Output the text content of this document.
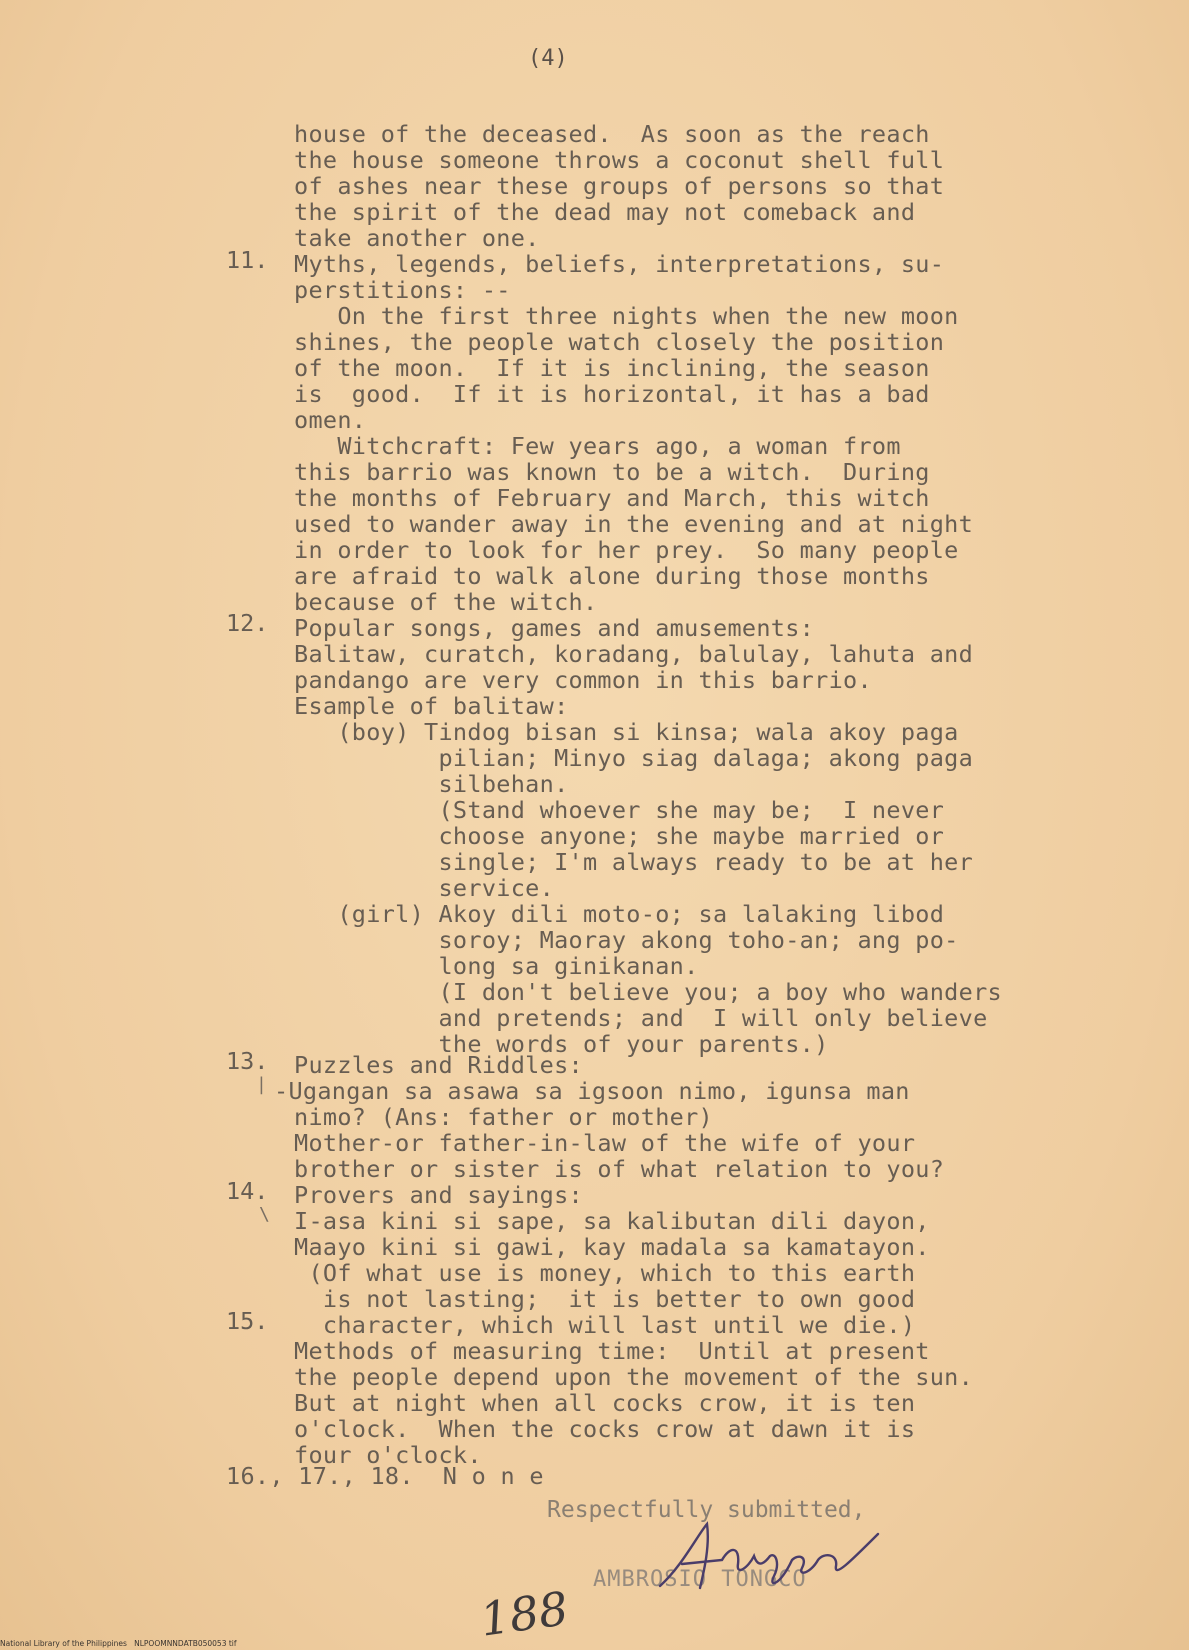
(4)
11.
12.
13.
14.
15.
|
\
house of the deceased.  As soon as the reach
the house someone throws a coconut shell full
of ashes near these groups of persons so that
the spirit of the dead may not comeback and
take another one.
Myths, legends, beliefs, interpretations, su-
perstitions: --
On the first three nights when the new moon
shines, the people watch closely the position
of the moon.  If it is inclining, the season
is  good.  If it is horizontal, it has a bad
omen.
Witchcraft: Few years ago, a woman from
this barrio was known to be a witch.  During
the months of February and March, this witch
used to wander away in the evening and at night
in order to look for her prey.  So many people
are afraid to walk alone during those months
because of the witch.
Popular songs, games and amusements:
Balitaw, curatch, koradang, balulay, lahuta and
pandango are very common in this barrio.
Esample of balitaw:
(boy) Tindog bisan si kinsa; wala akoy paga
pilian; Minyo siag dalaga; akong paga
silbehan.
(Stand whoever she may be;  I never
choose anyone; she maybe married or
single; I'm always ready to be at her
service.
(girl) Akoy dili moto-o; sa lalaking libod
soroy; Maoray akong toho-an; ang po-
long sa ginikanan.
(I don't believe you; a boy who wanders
and pretends; and  I will only believe
the words of your parents.)
Puzzles and Riddles:
-Ugangan sa asawa sa igsoon nimo, igunsa man
nimo? (Ans: father or mother)
Mother-or father-in-law of the wife of your
brother or sister is of what relation to you?
Provers and sayings:
I-asa kini si sape, sa kalibutan dili dayon,
Maayo kini si gawi, kay madala sa kamatayon.
(Of what use is money, which to this earth
is not lasting;  it is better to own good
character, which will last until we die.)
Methods of measuring time:  Until at present
the people depend upon the movement of the sun.
But at night when all cocks crow, it is ten
o'clock.  When the cocks crow at dawn it is
four o'clock.
16., 17., 18.  N o n e
Respectfully submitted,
AMBROSIO TONGCO
188
National Library of the Philippines   NLPOOMNNDATB050053 tif
